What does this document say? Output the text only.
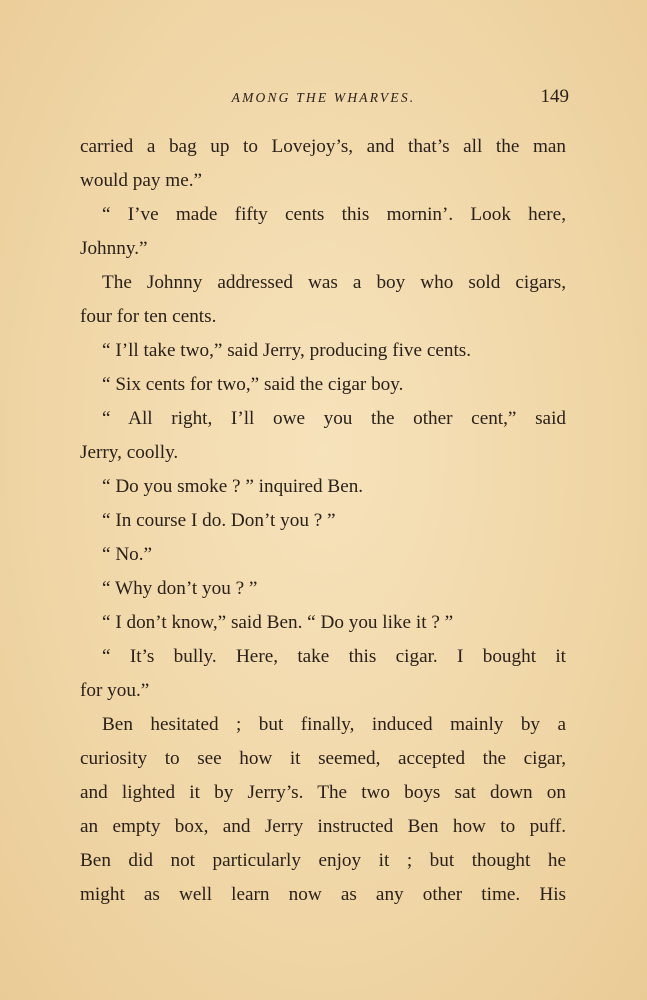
AMONG THE WHARVES.	149
carried a bag up to Lovejoy’s, and that’s all the man
would pay me.”
“ I’ve made fifty cents this mornin’. Look here,
Johnny.”
The Johnny addressed was a boy who sold cigars,
four for ten cents.
“ I’ll take two,” said Jerry, producing five cents.
“ Six cents for two,” said the cigar boy.
“ All right, I’ll owe you the other cent,” said
Jerry, coolly.
“ Do you smoke ? ” inquired Ben.
“ In course I do. Don’t you ? ”
“ No.”
“ Why don’t you ? ”
“ I don’t know,” said Ben. “ Do you like it ? ”
“ It’s bully. Here, take this cigar. I bought it
for you.”
Ben hesitated ; but finally, induced mainly by a
curiosity to see how it seemed, accepted the cigar,
and lighted it by Jerry’s. The two boys sat down on
an empty box, and Jerry instructed Ben how to puff.
Ben did not particularly enjoy it ; but thought he
might as well learn now as any other time. His
